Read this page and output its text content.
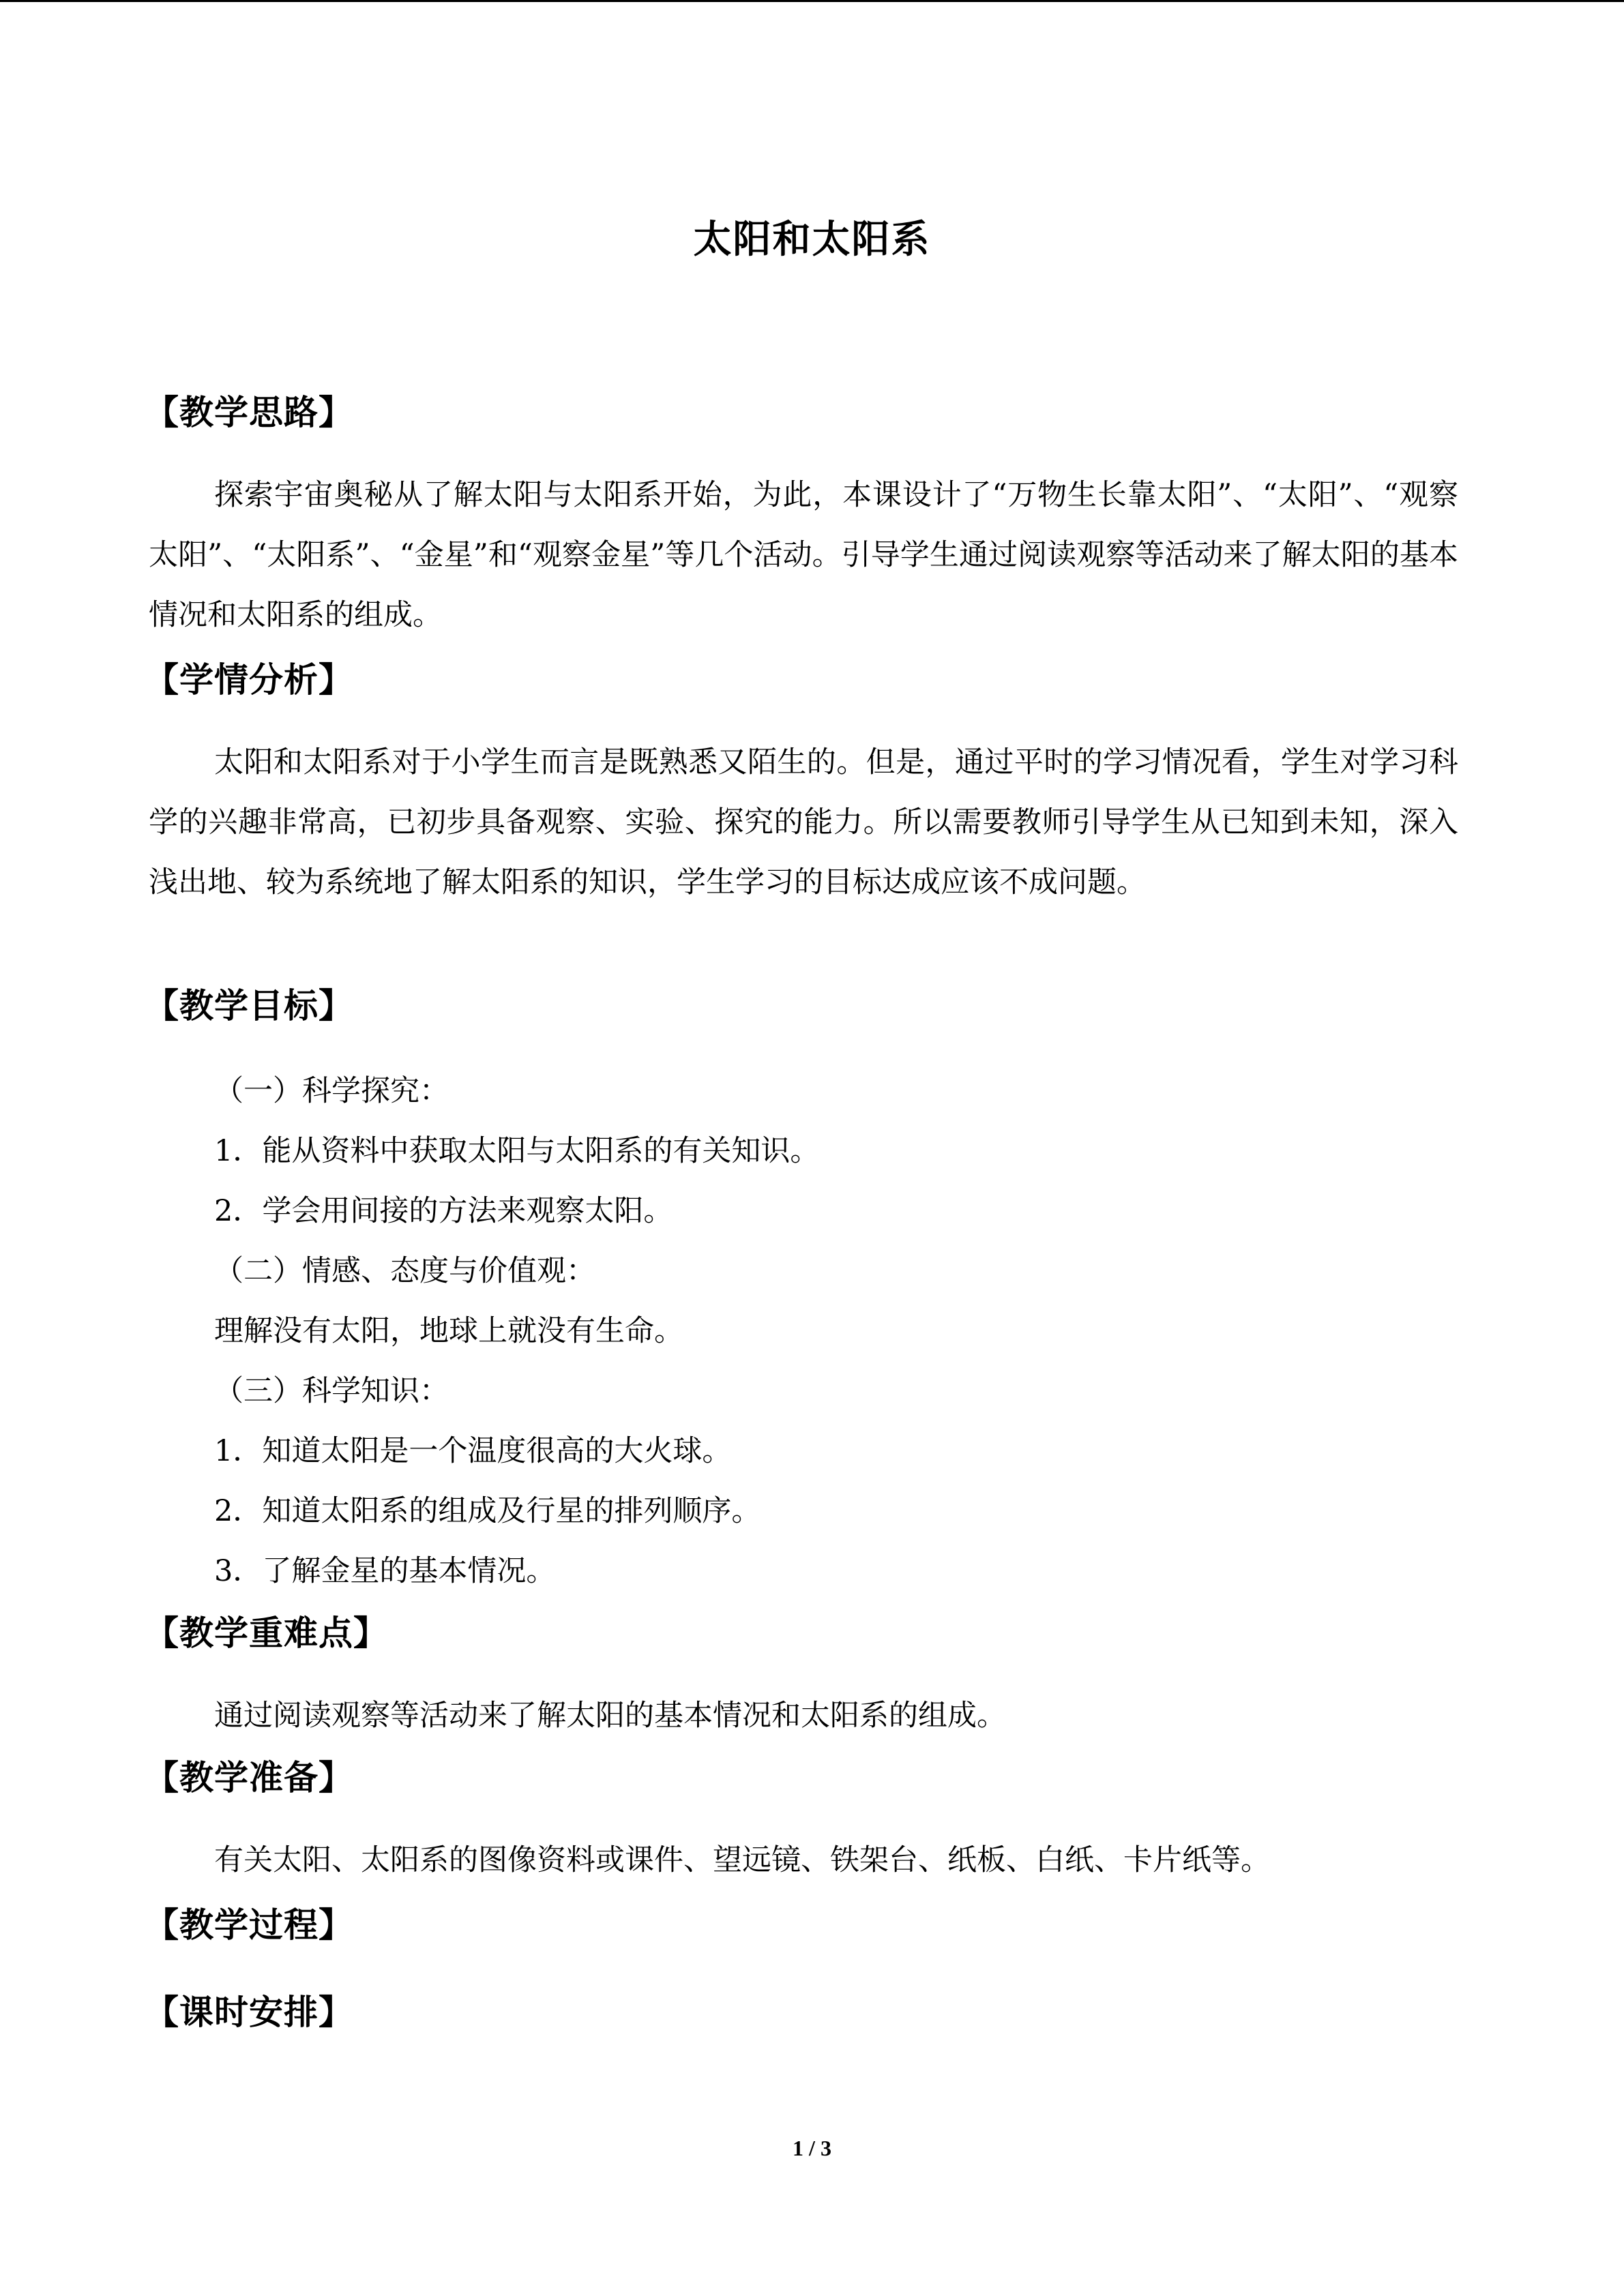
太阳和太阳系
【教学思路】
探索宇宙奥秘从了解太阳与太阳系开始，为此，本课设计了“万物生长靠太阳”、“太阳”、“观察太阳”、“太阳系”、“金星”和“观察金星”等几个活动。引导学生通过阅读观察等活动来了解太阳的基本情况和太阳系的组成。
【学情分析】
太阳和太阳系对于小学生而言是既熟悉又陌生的。但是，通过平时的学习情况看，学生对学习科学的兴趣非常高，已初步具备观察、实验、探究的能力。所以需要教师引导学生从已知到未知，深入浅出地、较为系统地了解太阳系的知识，学生学习的目标达成应该不成问题。
【教学目标】
（一）科学探究：
1．能从资料中获取太阳与太阳系的有关知识。
2．学会用间接的方法来观察太阳。
（二）情感、态度与价值观：
理解没有太阳，地球上就没有生命。
（三）科学知识：
1．知道太阳是一个温度很高的大火球。
2．知道太阳系的组成及行星的排列顺序。
3．了解金星的基本情况。
【教学重难点】
通过阅读观察等活动来了解太阳的基本情况和太阳系的组成。
【教学准备】
有关太阳、太阳系的图像资料或课件、望远镜、铁架台、纸板、白纸、卡片纸等。
【教学过程】
【课时安排】
1 / 3
